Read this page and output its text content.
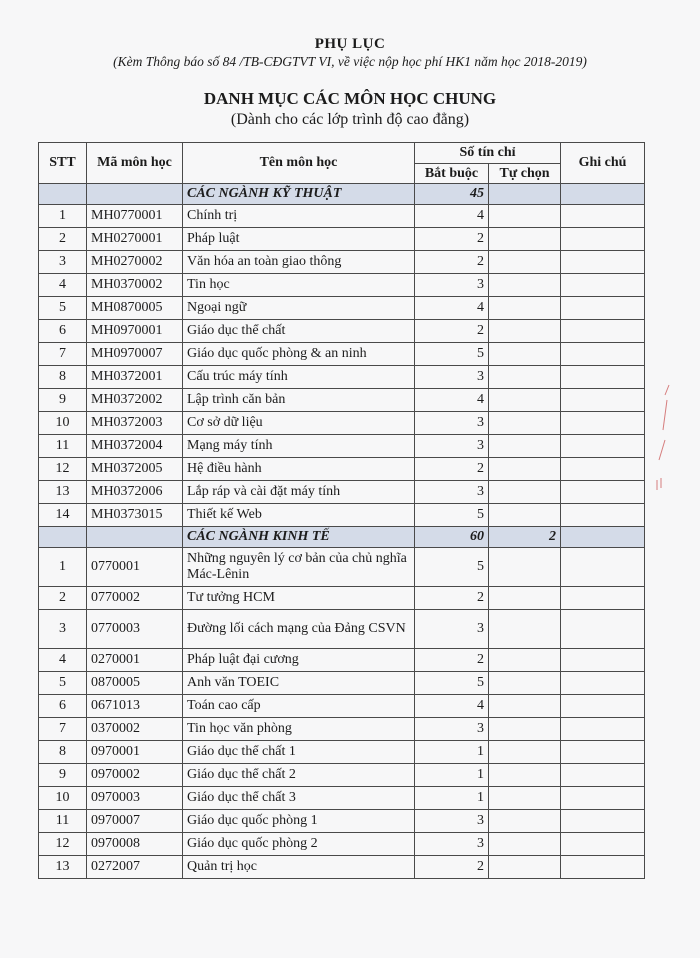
PHỤ LỤC
(Kèm Thông báo số 84 /TB-CĐGTVT VI, về việc nộp học phí HK1 năm học 2018-2019)
DANH MỤC CÁC MÔN HỌC CHUNG
(Dành cho các lớp trình độ cao đẳng)
STT	Mã môn học	Tên môn học	Số tín chỉ		Ghi chú
			Bắt buộc	Tự chọn	
		CÁC NGÀNH KỸ THUẬT	45		
1	MH0770001	Chính trị	4		
2	MH0270001	Pháp luật	2		
3	MH0270002	Văn hóa an toàn giao thông	2		
4	MH0370002	Tin học	3		
5	MH0870005	Ngoại ngữ	4		
6	MH0970001	Giáo dục thể chất	2		
7	MH0970007	Giáo dục quốc phòng & an ninh	5		
8	MH0372001	Cấu trúc máy tính	3		
9	MH0372002	Lập trình căn bản	4		
10	MH0372003	Cơ sở dữ liệu	3		
11	MH0372004	Mạng máy tính	3		
12	MH0372005	Hệ điều hành	2		
13	MH0372006	Lắp ráp và cài đặt máy tính	3		
14	MH0373015	Thiết kế Web	5		
		CÁC NGÀNH KINH TẾ	60	2	
1	0770001	Những nguyên lý cơ bản của chủ nghĩa Mác-Lênin	5		
2	0770002	Tư tưởng HCM	2		
3	0770003	Đường lối cách mạng của Đảng CSVN	3		
4	0270001	Pháp luật đại cương	2		
5	0870005	Anh văn TOEIC	5		
6	0671013	Toán cao cấp	4		
7	0370002	Tin học văn phòng	3		
8	0970001	Giáo dục thể chất 1	1		
9	0970002	Giáo dục thể chất 2	1		
10	0970003	Giáo dục thể chất 3	1		
11	0970007	Giáo dục quốc phòng 1	3		
12	0970008	Giáo dục quốc phòng 2	3		
13	0272007	Quản trị học	2		
